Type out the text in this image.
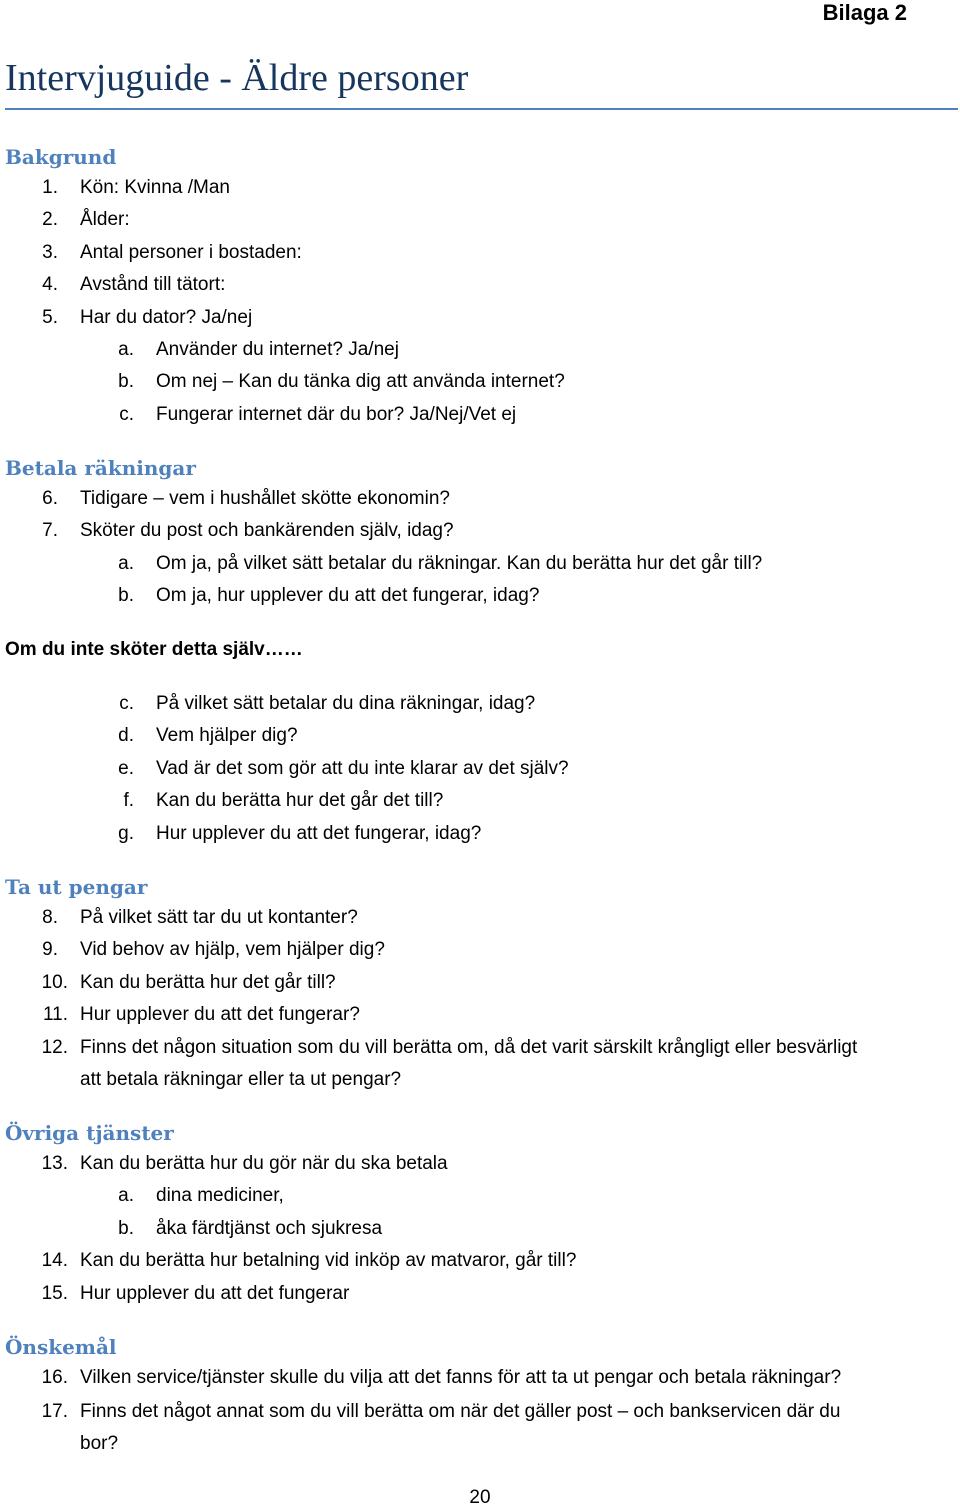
Bilaga 2
Intervjuguide - Äldre personer
Bakgrund
1. Kön: Kvinna /Man
2. Ålder:
3. Antal personer i bostaden:
4. Avstånd till tätort:
5. Har du dator? Ja/nej
a. Använder du internet? Ja/nej
b. Om nej – Kan du tänka dig att använda internet?
c. Fungerar internet där du bor? Ja/Nej/Vet ej
Betala räkningar
6. Tidigare – vem i hushållet skötte ekonomin?
7. Sköter du post och bankärenden själv, idag?
a. Om ja, på vilket sätt betalar du räkningar. Kan du berätta hur det går till?
b. Om ja, hur upplever du att det fungerar, idag?
Om du inte sköter detta själv……
c. På vilket sätt betalar du dina räkningar, idag?
d. Vem hjälper dig?
e. Vad är det som gör att du inte klarar av det själv?
f. Kan du berätta hur det går det till?
g. Hur upplever du att det fungerar, idag?
Ta ut pengar
8. På vilket sätt tar du ut kontanter?
9. Vid behov av hjälp, vem hjälper dig?
10. Kan du berätta hur det går till?
11. Hur upplever du att det fungerar?
12. Finns det någon situation som du vill berätta om, då det varit särskilt krångligt eller besvärligt
att betala räkningar eller ta ut pengar?
Övriga tjänster
13. Kan du berätta hur du gör när du ska betala
a. dina mediciner,
b. åka färdtjänst och sjukresa
14. Kan du berätta hur betalning vid inköp av matvaror, går till?
15. Hur upplever du att det fungerar
Önskemål
16. Vilken service/tjänster skulle du vilja att det fanns för att ta ut pengar och betala räkningar?
17. Finns det något annat som du vill berätta om när det gäller post – och bankservicen där du
bor?
20
